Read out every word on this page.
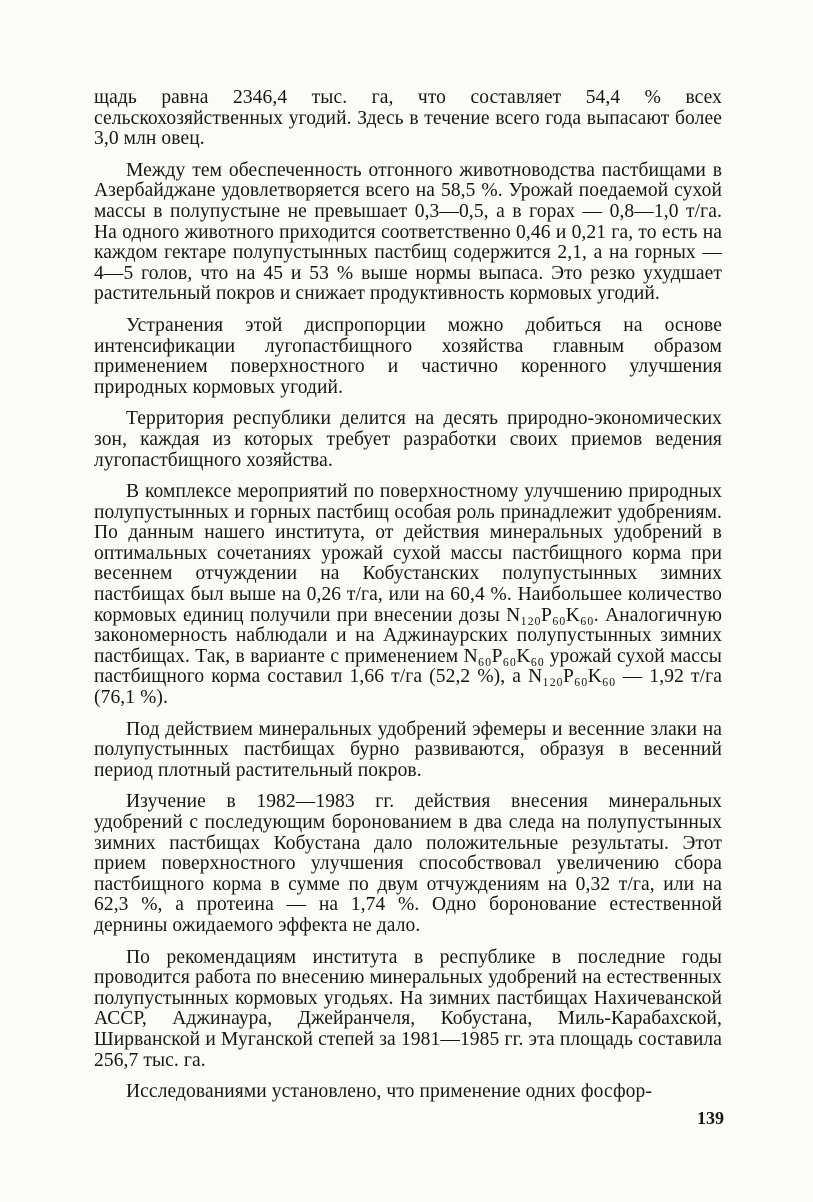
щадь равна 2346,4 тыс. га, что составляет 54,4 % всех сельскохозяйственных угодий. Здесь в течение всего года выпасают более 3,0 млн овец.

Между тем обеспеченность отгонного животноводства пастбищами в Азербайджане удовлетворяется всего на 58,5 %. Урожай поедаемой сухой массы в полупустыне не превышает 0,3—0,5, а в горах — 0,8—1,0 т/га. На одного животного приходится соответственно 0,46 и 0,21 га, то есть на каждом гектаре полупустынных пастбищ содержится 2,1, а на горных — 4—5 голов, что на 45 и 53 % выше нормы выпаса. Это резко ухудшает растительный покров и снижает продуктивность кормовых угодий.

Устранения этой диспропорции можно добиться на основе интенсификации лугопастбищного хозяйства главным образом применением поверхностного и частично коренного улучшения природных кормовых угодий.

Территория республики делится на десять природно-экономических зон, каждая из которых требует разработки своих приемов ведения лугопастбищного хозяйства.

В комплексе мероприятий по поверхностному улучшению природных полупустынных и горных пастбищ особая роль принадлежит удобрениям. По данным нашего института, от действия минеральных удобрений в оптимальных сочетаниях урожай сухой массы пастбищного корма при весеннем отчуждении на Кобустанских полупустынных зимних пастбищах был выше на 0,26 т/га, или на 60,4 %. Наибольшее количество кормовых единиц получили при внесении дозы N₁₂₀P₆₀K₆₀. Аналогичную закономерность наблюдали и на Аджинаурских полупустынных зимних пастбищах. Так, в варианте с применением N₆₀P₆₀K₆₀ урожай сухой массы пастбищного корма составил 1,66 т/га (52,2 %), а N₁₂₀P₆₀K₆₀ — 1,92 т/га (76,1 %).

Под действием минеральных удобрений эфемеры и весенние злаки на полупустынных пастбищах бурно развиваются, образуя в весенний период плотный растительный покров.

Изучение в 1982—1983 гг. действия внесения минеральных удобрений с последующим боронованием в два следа на полупустынных зимних пастбищах Кобустана дало положительные результаты. Этот прием поверхностного улучшения способствовал увеличению сбора пастбищного корма в сумме по двум отчуждениям на 0,32 т/га, или на 62,3 %, а протеина — на 1,74 %. Одно боронование естественной дернины ожидаемого эффекта не дало.

По рекомендациям института в республике в последние годы проводится работа по внесению минеральных удобрений на естественных полупустынных кормовых угодьях. На зимних пастбищах Нахичеванской АССР, Аджинаура, Джейранчеля, Кобустана, Миль-Карабахской, Ширванской и Муганской степей за 1981—1985 гг. эта площадь составила 256,7 тыс. га.

Исследованиями установлено, что применение одних фосфор-

139
